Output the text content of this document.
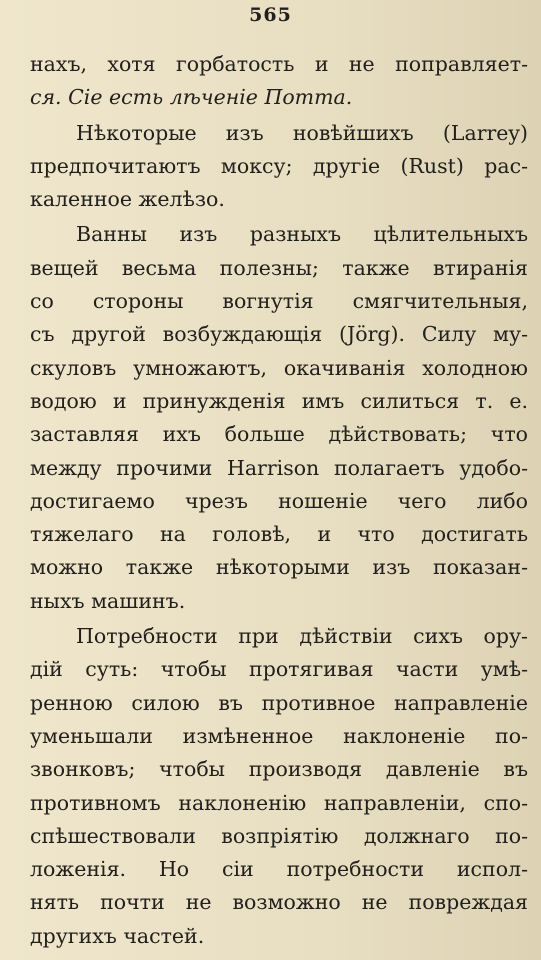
565
нахъ, хотя горбатость и не поправляет-
ся. Сie есть лѣченie Потта.
Нѣкоторые изъ новѣйшихъ (Larrey)
предпочитаютъ моксу; другie (Rust) рас-
каленное желѣзо.
Ванны изъ разныхъ цѣлительныхъ
вещей весьма полезны; также втиранiя
со стороны вогнутiя смягчительныя,
съ другой возбуждающiя (Jörg). Силу му-
скуловъ умножаютъ, окачиванiя холодною
водою и принужденiя имъ силиться т. е.
заставляя ихъ больше дѣйствовать; что
между прочими Harrison полагаетъ удобо-
достигаемо чрезъ ношенie чего либо
тяжелаго на головѣ, и что достигать
можно также нѣкоторыми изъ показан-
ныхъ машинъ.
Потребности при дѣйствiи сихъ ору-
дiй суть: чтобы протягивая части умѣ-
ренною силою въ противное направленie
уменьшали измѣненное наклоненie по-
звонковъ; чтобы производя давленie въ
противномъ наклоненiю направленiи, спо-
спѣшествовали возпрiятiю должнаго по-
ложенiя. Но сiи потребности испол-
нять почти не возможно не повреждая
другихъ частей.
